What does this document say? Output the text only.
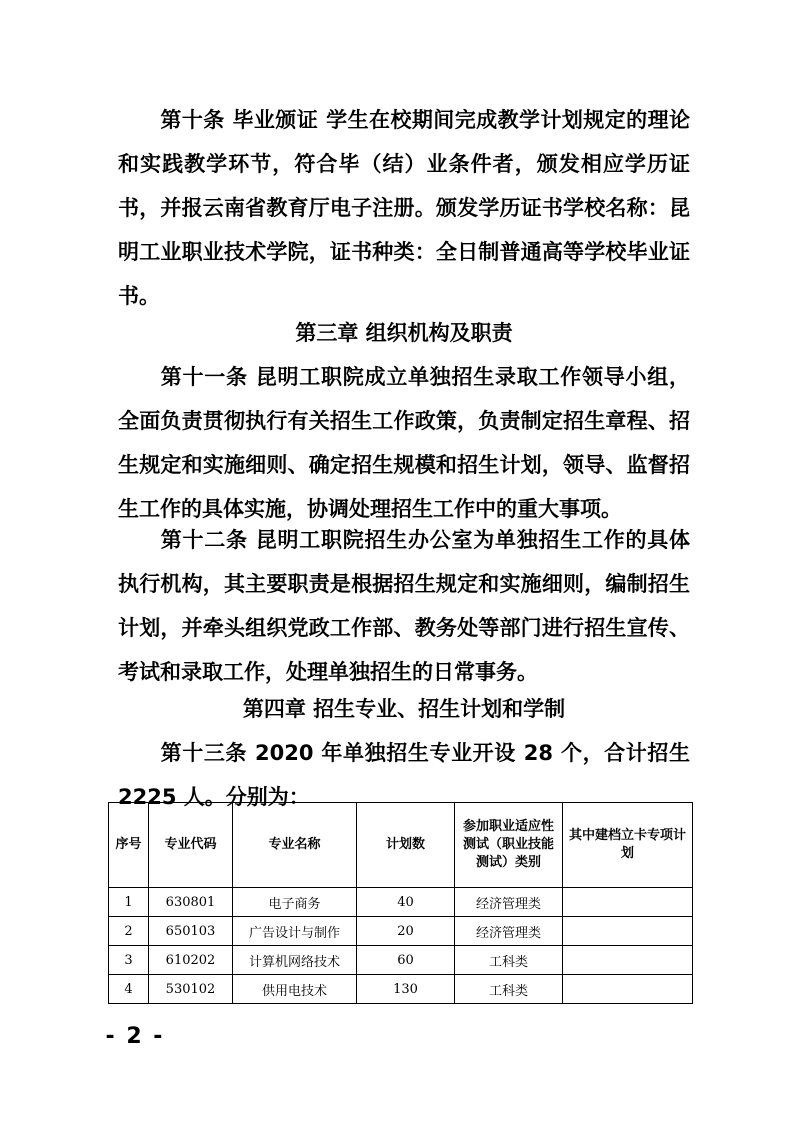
第十条 毕业颁证 学生在校期间完成教学计划规定的理论和实践教学环节，符合毕（结）业条件者，颁发相应学历证书，并报云南省教育厅电子注册。颁发学历证书学校名称：昆明工业职业技术学院，证书种类：全日制普通高等学校毕业证书。

第三章 组织机构及职责

第十一条 昆明工职院成立单独招生录取工作领导小组，全面负责贯彻执行有关招生工作政策，负责制定招生章程、招生规定和实施细则、确定招生规模和招生计划，领导、监督招生工作的具体实施，协调处理招生工作中的重大事项。

第十二条 昆明工职院招生办公室为单独招生工作的具体执行机构，其主要职责是根据招生规定和实施细则，编制招生计划，并牵头组织党政工作部、教务处等部门进行招生宣传、考试和录取工作，处理单独招生的日常事务。

第四章 招生专业、招生计划和学制

第十三条 2020 年单独招生专业开设 28 个，合计招生 2225 人。分别为：

序号	专业代码	专业名称	计划数	参加职业适应性测试（职业技能测试）类别	其中建档立卡专项计划
1	630801	电子商务	40	经济管理类	
2	650103	广告设计与制作	20	经济管理类	
3	610202	计算机网络技术	60	工科类	
4	530102	供用电技术	130	工科类	
- 2 -
